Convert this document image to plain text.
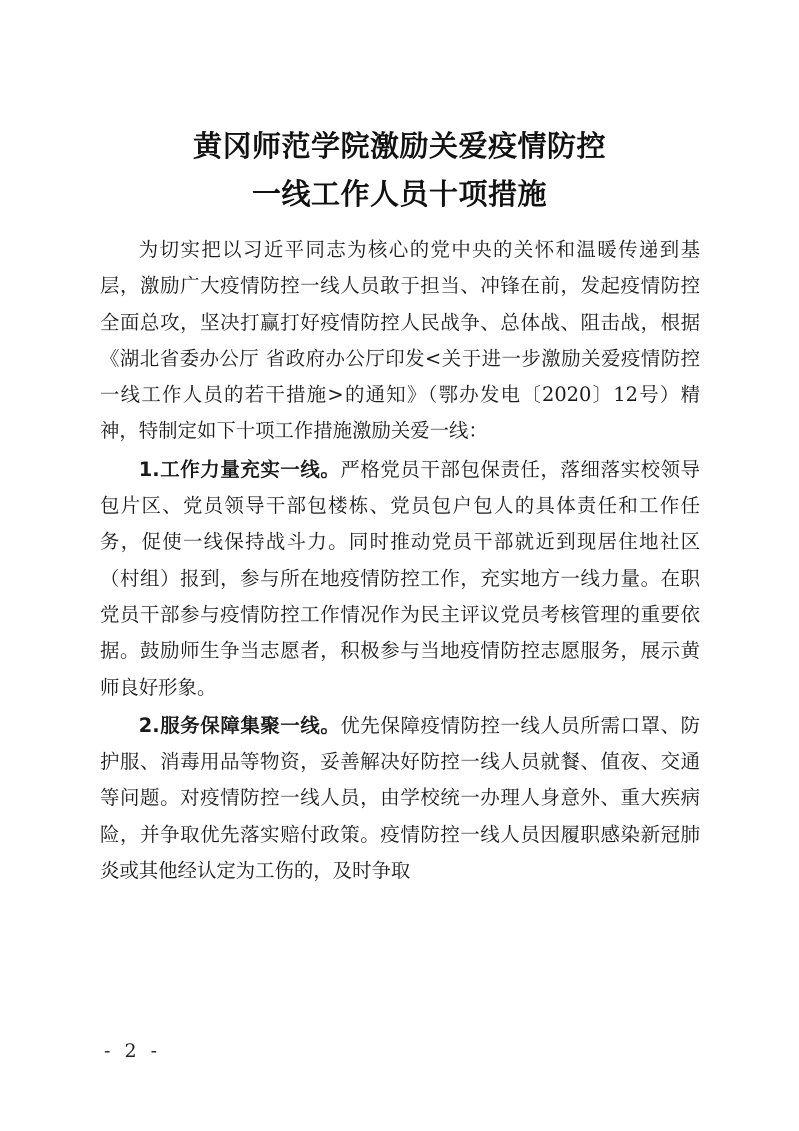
黄冈师范学院激励关爱疫情防控
一线工作人员十项措施

为切实把以习近平同志为核心的党中央的关怀和温暖传递到基层，激励广大疫情防控一线人员敢于担当、冲锋在前，发起疫情防控全面总攻，坚决打赢打好疫情防控人民战争、总体战、阻击战，根据《湖北省委办公厅 省政府办公厅印发<关于进一步激励关爱疫情防控一线工作人员的若干措施>的通知》（鄂办发电〔2020〕12号）精神，特制定如下十项工作措施激励关爱一线：

1.工作力量充实一线。严格党员干部包保责任，落细落实校领导包片区、党员领导干部包楼栋、党员包户包人的具体责任和工作任务，促使一线保持战斗力。同时推动党员干部就近到现居住地社区（村组）报到，参与所在地疫情防控工作，充实地方一线力量。在职党员干部参与疫情防控工作情况作为民主评议党员考核管理的重要依据。鼓励师生争当志愿者，积极参与当地疫情防控志愿服务，展示黄师良好形象。

2.服务保障集聚一线。优先保障疫情防控一线人员所需口罩、防护服、消毒用品等物资，妥善解决好防控一线人员就餐、值夜、交通等问题。对疫情防控一线人员，由学校统一办理人身意外、重大疾病险，并争取优先落实赔付政策。疫情防控一线人员因履职感染新冠肺炎或其他经认定为工伤的，及时争取

- 2 -
